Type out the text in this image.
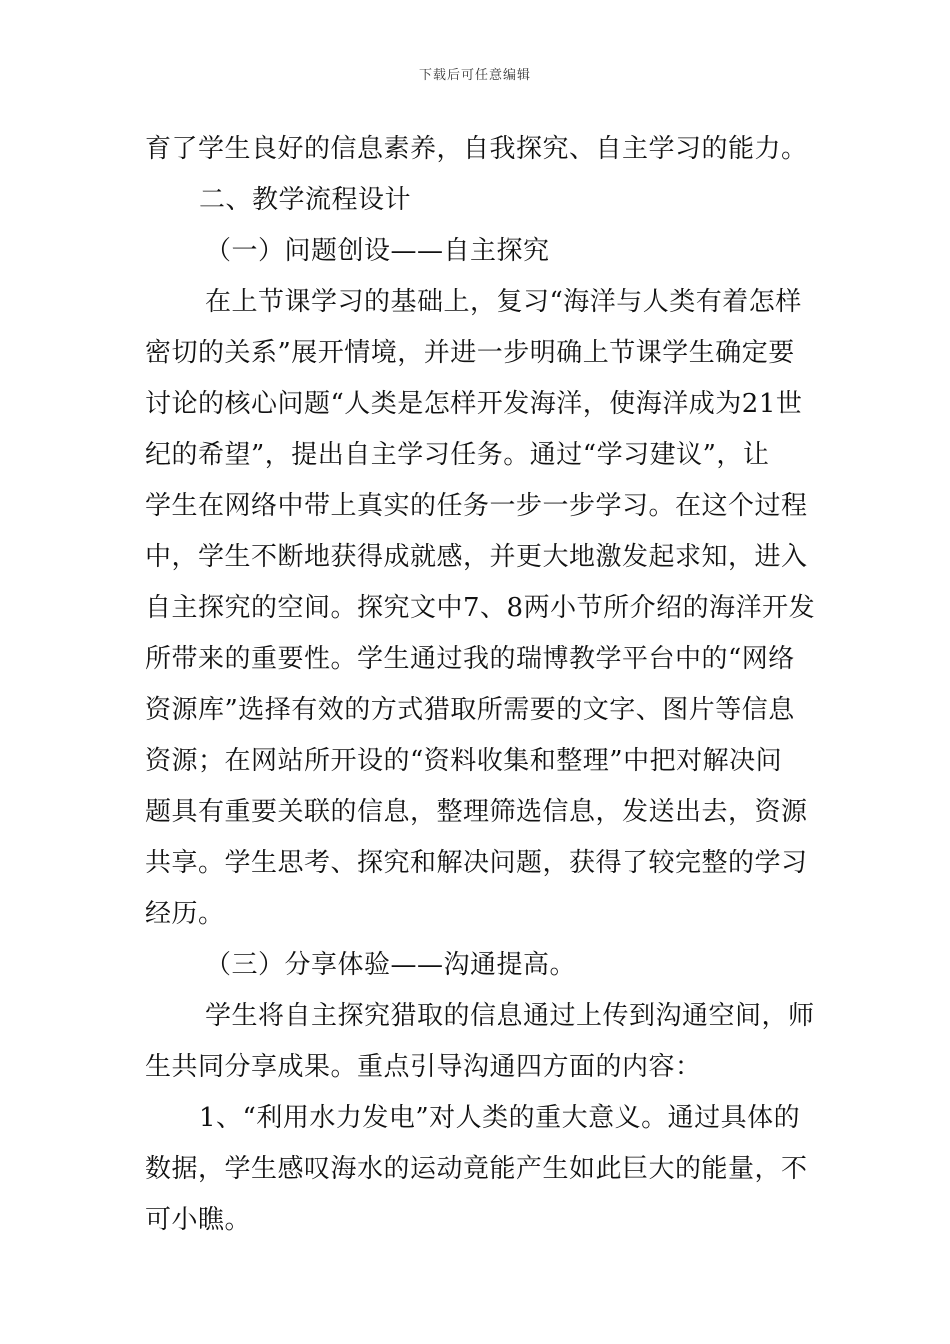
下载后可任意编辑
育了学生良好的信息素养，自我探究、自主学习的能力。
二、教学流程设计
（一）问题创设——自主探究
在上节课学习的基础上，复习“海洋与人类有着怎样
密切的关系”展开情境，并进一步明确上节课学生确定要
讨论的核心问题“人类是怎样开发海洋，使海洋成为21世
纪的希望”，提出自主学习任务。通过“学习建议”，让
学生在网络中带上真实的任务一步一步学习。在这个过程
中，学生不断地获得成就感，并更大地激发起求知，进入
自主探究的空间。探究文中7、8两小节所介绍的海洋开发
所带来的重要性。学生通过我的瑞博教学平台中的“网络
资源库”选择有效的方式猎取所需要的文字、图片等信息
资源；在网站所开设的“资料收集和整理”中把对解决问
题具有重要关联的信息，整理筛选信息，发送出去，资源
共享。学生思考、探究和解决问题，获得了较完整的学习
经历。
（三）分享体验——沟通提高。
学生将自主探究猎取的信息通过上传到沟通空间，师
生共同分享成果。重点引导沟通四方面的内容：
1、“利用水力发电”对人类的重大意义。通过具体的
数据，学生感叹海水的运动竟能产生如此巨大的能量，不
可小瞧。
